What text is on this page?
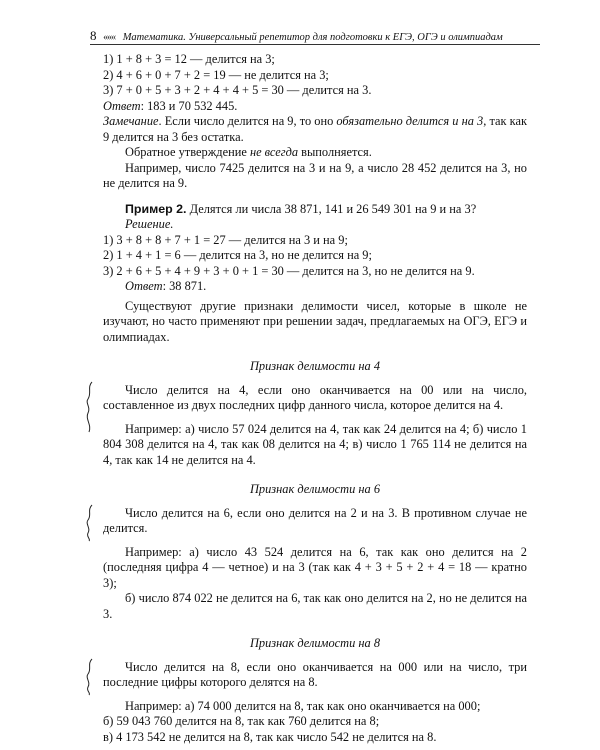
8 ««« Математика. Универсальный репетитор для подготовки к ЕГЭ, ОГЭ и олимпиадам

1) 1 + 8 + 3 = 12 — делится на 3;

2) 4 + 6 + 0 + 7 + 2 = 19 — не делится на 3;

3) 7 + 0 + 5 + 3 + 2 + 4 + 4 + 5 = 30 — делится на 3.

Ответ: 183 и 70 532 445.

Замечание. Если число делится на 9, то оно обязательно делится и на 3, так как 9 делится на 3 без остатка.

Обратное утверждение не всегда выполняется.

Например, число 7425 делится на 3 и на 9, а число 28 452 делится на 3, но не делится на 9.

Пример 2. Делятся ли числа 38 871, 141 и 26 549 301 на 9 и на 3?

Решение.

1) 3 + 8 + 8 + 7 + 1 = 27 — делится на 3 и на 9;

2) 1 + 4 + 1 = 6 — делится на 3, но не делится на 9;

3) 2 + 6 + 5 + 4 + 9 + 3 + 0 + 1 = 30 — делится на 3, но не делится на 9.

Ответ: 38 871.

Существуют другие признаки делимости чисел, которые в школе не изучают, но часто применяют при решении задач, предлагаемых на ОГЭ, ЕГЭ и олимпиадах.

Признак делимости на 4

Число делится на 4, если оно оканчивается на 00 или на число, составленное из двух последних цифр данного числа, которое делится на 4.

Например: а) число 57 024 делится на 4, так как 24 делится на 4; б) число 1 804 308 делится на 4, так как 08 делится на 4; в) число 1 765 114 не делится на 4, так как 14 не делится на 4.

Признак делимости на 6

Число делится на 6, если оно делится на 2 и на 3. В противном случае не делится.

Например: а) число 43 524 делится на 6, так как оно делится на 2 (последняя цифра 4 — четное) и на 3 (так как 4 + 3 + 5 + 2 + 4 = 18 — кратно 3);

б) число 874 022 не делится на 6, так как оно делится на 2, но не делится на 3.

Признак делимости на 8

Число делится на 8, если оно оканчивается на 000 или на число, три последние цифры которого делятся на 8.

Например: а) 74 000 делится на 8, так как оно оканчивается на 000;

б) 59 043 760 делится на 8, так как 760 делится на 8;

в) 4 173 542 не делится на 8, так как число 542 не делится на 8.
